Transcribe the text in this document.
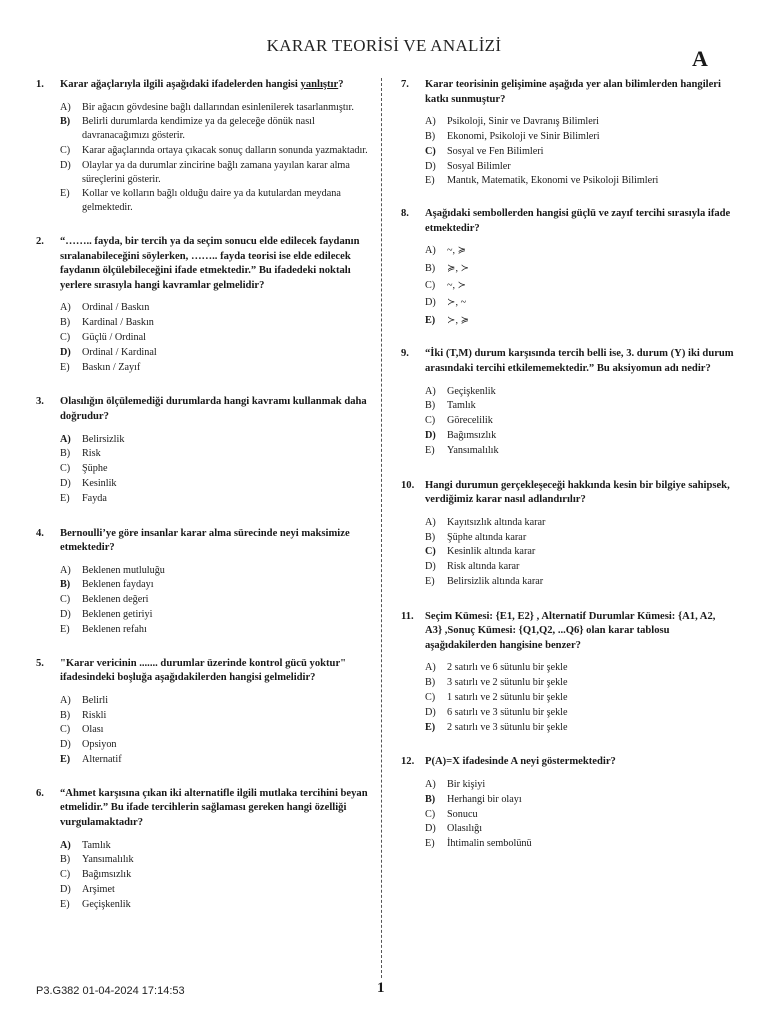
KARAR TEORİSİ VE ANALİZİ
A
1. Karar ağaçlarıyla ilgili aşağıdaki ifadelerden hangisi yanlıştır?
A)	Bir ağacın gövdesine bağlı dallarından esinlenilerek tasarlanmıştır.
B)	Belirli durumlarda kendimize ya da geleceğe dönük nasıl davranacağımızı gösterir.
C)	Karar ağaçlarında ortaya çıkacak sonuç dalların sonunda yazmaktadır.
D)	Olaylar ya da durumlar zincirine bağlı zamana yayılan karar alma süreçlerini gösterir.
E)	Kollar ve kolların bağlı olduğu daire ya da kutulardan meydana gelmektedir.
2. “…….. fayda, bir tercih ya da seçim sonucu elde edilecek faydanın sıralanabileceğini söylerken, …….. fayda teorisi ise elde edilecek faydanın ölçülebileceğini ifade etmektedir.” Bu ifadedeki noktalı yerlere sırasıyla hangi kavramlar gelmelidir?
A)	Ordinal / Baskın
B)	Kardinal / Baskın
C)	Güçlü / Ordinal
D)	Ordinal / Kardinal
E)	Baskın / Zayıf
3. Olasılığın ölçülemediği durumlarda hangi kavramı kullanmak daha doğrudur?
A)	Belirsizlik
B)	Risk
C)	Şüphe
D)	Kesinlik
E)	Fayda
4. Bernoulli’ye göre insanlar karar alma sürecinde neyi maksimize etmektedir?
A)	Beklenen mutluluğu
B)	Beklenen faydayı
C)	Beklenen değeri
D)	Beklenen getiriyi
E)	Beklenen refahı
5. "Karar vericinin ....... durumlar üzerinde kontrol gücü yoktur" ifadesindeki boşluğa aşağıdakilerden hangisi gelmelidir?
A)	Belirli
B)	Riskli
C)	Olası
D)	Opsiyon
E)	Alternatif
6. “Ahmet karşısına çıkan iki alternatifle ilgili mutlaka tercihini beyan etmelidir.” Bu ifade tercihlerin sağlaması gereken hangi özelliği vurgulamaktadır?
A)	Tamlık
B)	Yansımalılık
C)	Bağımsızlık
D)	Arşimet
E)	Geçişkenlik
7. Karar teorisinin gelişimine aşağıda yer alan bilimlerden hangileri katkı sunmuştur?
A)	Psikoloji, Sinir ve Davranış Bilimleri
B)	Ekonomi, Psikoloji ve Sinir Bilimleri
C)	Sosyal ve Fen Bilimleri
D)	Sosyal Bilimler
E)	Mantık, Matematik, Ekonomi ve Psikoloji Bilimleri
8. Aşağıdaki sembollerden hangisi güçlü ve zayıf tercihi sırasıyla ifade etmektedir?
A)	~, ≽
B)	≽, ≻
C)	~, ≻
D)	≻, ~
E)	≻, ≽
9. “İki (T,M) durum karşısında tercih belli ise, 3. durum (Y) iki durum arasındaki tercihi etkilememektedir.” Bu aksiyomun adı nedir?
A)	Geçişkenlik
B)	Tamlık
C)	Görecelilik
D)	Bağımsızlık
E)	Yansımalılık
10. Hangi durumun gerçekleşeceği hakkında kesin bir bilgiye sahipsek, verdiğimiz karar nasıl adlandırılır?
A)	Kayıtsızlık altında karar
B)	Şüphe altında karar
C)	Kesinlik altında karar
D)	Risk altında karar
E)	Belirsizlik altında karar
11. Seçim Kümesi: {E1, E2} , Alternatif Durumlar Kümesi: {A1, A2, A3} ,Sonuç Kümesi: {Q1,Q2, ...Q6} olan karar tablosu aşağıdakilerden hangisine benzer?
A)	2 satırlı ve 6 sütunlu bir şekle
B)	3 satırlı ve 2 sütunlu bir şekle
C)	1 satırlı ve 2 sütunlu bir şekle
D)	6 satırlı ve 3 sütunlu bir şekle
E)	2 satırlı ve 3 sütunlu bir şekle
12. P(A)=X ifadesinde A neyi göstermektedir?
A)	Bir kişiyi
B)	Herhangi bir olayı
C)	Sonucu
D)	Olasılığı
E)	İhtimalin sembolünü
P3.G382 01-04-2024 17:14:53	1
